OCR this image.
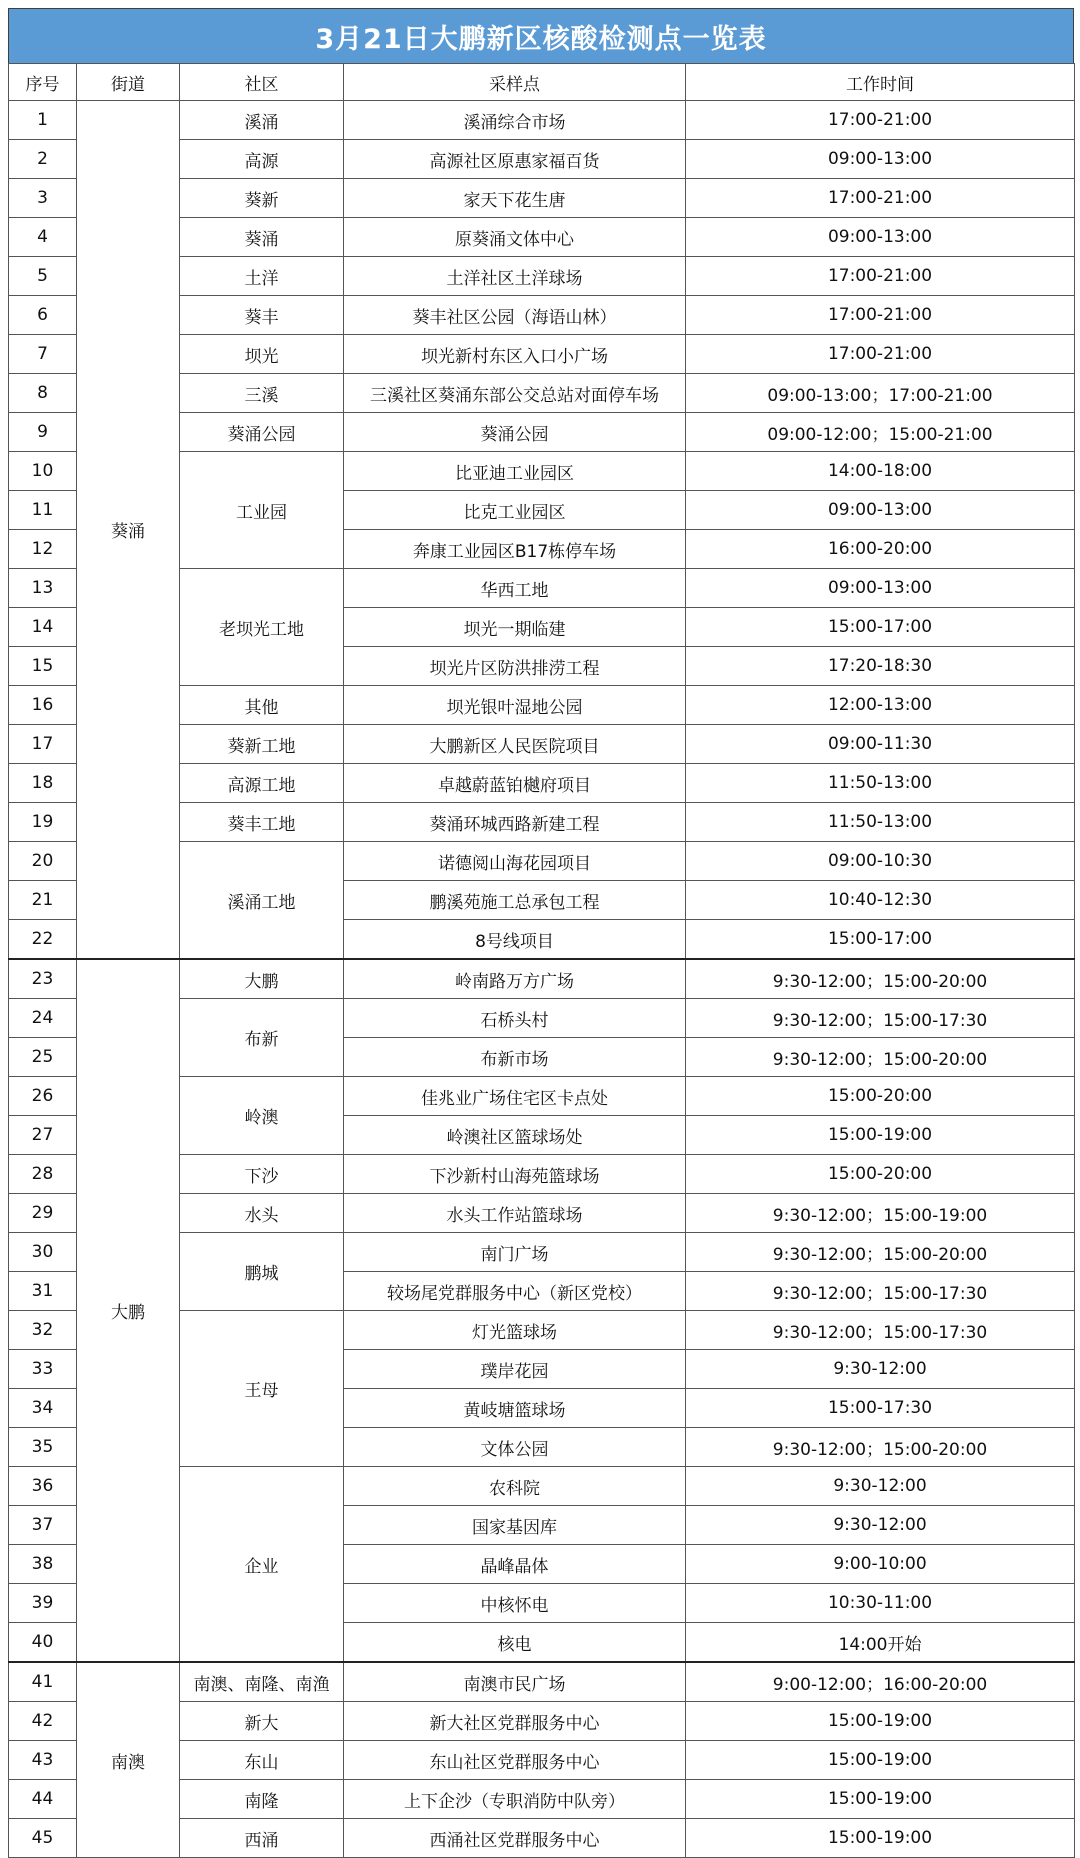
3月21日大鹏新区核酸检测点一览表
序号	街道	社区	采样点	工作时间
1	葵涌	溪涌	溪涌综合市场	17:00-21:00
2		高源	高源社区原惠家福百货	09:00-13:00
3		葵新	家天下花生唐	17:00-21:00
4		葵涌	原葵涌文体中心	09:00-13:00
5		土洋	土洋社区土洋球场	17:00-21:00
6		葵丰	葵丰社区公园（海语山林）	17:00-21:00
7		坝光	坝光新村东区入口小广场	17:00-21:00
8		三溪	三溪社区葵涌东部公交总站对面停车场	09:00-13:00；17:00-21:00
9		葵涌公园	葵涌公园	09:00-12:00；15:00-21:00
10		工业园	比亚迪工业园区	14:00-18:00
11			比克工业园区	09:00-13:00
12			奔康工业园区B17栋停车场	16:00-20:00
13		老坝光工地	华西工地	09:00-13:00
14			坝光一期临建	15:00-17:00
15			坝光片区防洪排涝工程	17:20-18:30
16		其他	坝光银叶湿地公园	12:00-13:00
17		葵新工地	大鹏新区人民医院项目	09:00-11:30
18		高源工地	卓越蔚蓝铂樾府项目	11:50-13:00
19		葵丰工地	葵涌环城西路新建工程	11:50-13:00
20		溪涌工地	诺德阅山海花园项目	09:00-10:30
21			鹏溪苑施工总承包工程	10:40-12:30
22			8号线项目	15:00-17:00
23	大鹏	大鹏	岭南路万方广场	9:30-12:00；15:00-20:00
24		布新	石桥头村	9:30-12:00；15:00-17:30
25			布新市场	9:30-12:00；15:00-20:00
26		岭澳	佳兆业广场住宅区卡点处	15:00-20:00
27			岭澳社区篮球场处	15:00-19:00
28		下沙	下沙新村山海苑篮球场	15:00-20:00
29		水头	水头工作站篮球场	9:30-12:00；15:00-19:00
30		鹏城	南门广场	9:30-12:00；15:00-20:00
31			较场尾党群服务中心（新区党校）	9:30-12:00；15:00-17:30
32		王母	灯光篮球场	9:30-12:00；15:00-17:30
33			璞岸花园	9:30-12:00
34			黄岐塘篮球场	15:00-17:30
35			文体公园	9:30-12:00；15:00-20:00
36		企业	农科院	9:30-12:00
37			国家基因库	9:30-12:00
38			晶峰晶体	9:00-10:00
39			中核怀电	10:30-11:00
40			核电	14:00开始
41	南澳	南澳、南隆、南渔	南澳市民广场	9:00-12:00；16:00-20:00
42		新大	新大社区党群服务中心	15:00-19:00
43		东山	东山社区党群服务中心	15:00-19:00
44		南隆	上下企沙（专职消防中队旁）	15:00-19:00
45		西涌	西涌社区党群服务中心	15:00-19:00
